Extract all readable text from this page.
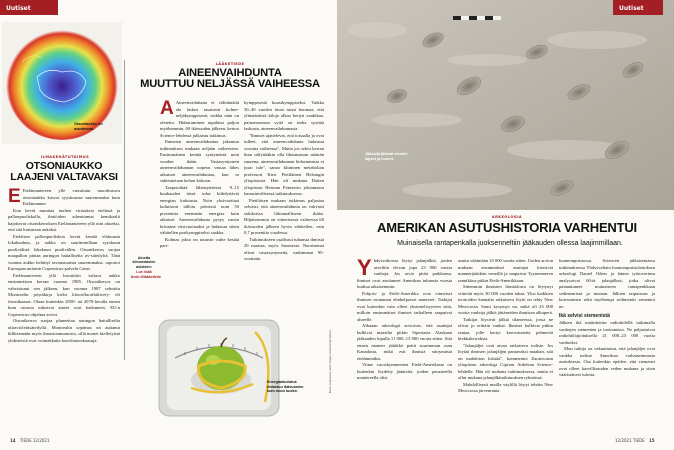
Uutiset
Otsoniaukko on
manterean.
ILMAKEHÄTUTKIMUS
OTSONIAUKKO
LAAJENI VALTAVAKSI

E Etelämantereen ylle vuosittain muodostuva otsoniaukko kasvoi syyskuussa suuremmaksi kuin Etelämanner.

Kun kevät muuttaa tuulten virtauksia etelässä ja pallonpuoliskolla, ilmiöiden aiheuttamat kemikaalit hajottavat otsonikerroksen Etelämantereen yllä niin ohueksi, että sitä kutsutaan aukoksi.

Eteläisen pallonpuoliskon kevät kestää elokuusta lokakuuhun, ja aukko on suurimmillaan syyskuun puolivälistä lokakuun puoliväliin. Otsonikerros suojaa maapallon pintaa auringon haitalliselta uv-säteilyltä. Tänä vuonna aukko kehittyi tavanomaista suuremmaksi, raportoi Euroopan unionin Copernicus-palvelu Cams.

Etelämantereen yllä havaittiin valtava aukko ensimmäisen kerran vuonna 1985. Otsonikerros on vahvistunut sen jälkeen, kun vuonna 1987 solmittu Montrealin pöytäkirja kielsi kloorifluorihiilivety- eli freonikaasut. Olaan kuitenkin 2050- tai 2070-luvulla ennen kuin otsonia tuhoavat aineet ovat kadonneet, EU:n Copernicus-ohjelma arvioi.

Otsonikerros suojaa planeettaa auringon haitalliselta ultraviolettisäteilyltä. Montrealin sopimus on auttanut hillitsemään myös ilmastonmuutosta, sillä monet kielletyistä yhdisteistä ovat voimakkaita kasvihuonekaasuja.

LÄÄKETIEDE
AINEENVAIHDUNTA
MUUTTUU NELJÄSSÄ VAIHEESSA

A Aineenvaihdunta ei välttämättä ala laskea tasaisesti kolme-neljäkymppisenä, vaikka näin on oletettu. Hidastuminen tapahtuu paljon myöhemmin, 60 ikävuoden jälkeen, kertoo Science-lehdessä julkaistu tutkimus.

Ihmisten aineenvaihduntaa jakautuu tutkimuksen mukaan neljään vaiheeseen. Ensimmäinen kestää syntymästä noin vuoden ikään. Vastasyntyneen aineenvaihdunnan nopeus vastaa lähes aikuisen aineenvaihduntaa, kun se suhteutetaan kehon kokoon.

Taaperoikää lähestyttäessä 9–15 kuukauden iässä solut kiihdyttävät energian kulutusta. Noin yksivuotiaat kuluttavat tällöin päivässä noin 50 prosenttia enemmän energiaa kuin aikuiset. Aineenvaihdunta pysyy varsin kiivaana viisivuotiaaksi ja hidastuu sitten vähitellen parikymppiseksi saakka.

Kolmas jakso on tasaisin vaihe kestää pari-

kymppisestä kuusikymppiseksi. Vaikka 30–40 vuoden iässä moni huomaa, että ylimääräisiä kiloja alkaa kertyä vanhikaa, painonnousun syitä on turha syyttää laskusta, aineenvaihdunnasta.

"Ihmiset ajattelevat, että toisaalla ja ovat tulleet, että aineenvaihdunta hidastuu vuosina vaiheessa", Mutta jos sekin kerran ihan säilyttääkin olla lihasmassan määrän suurena, aineenvaihdunnan hidastumista ei juuri tule", sanoo kliininen metabolian professori Kirsi Pietiläinen Helsingin yliopistosta. Hän oli mukana Duken yliopiston Herman Pontzerin johtamassa kansainvälisessä tutkimuksessa.

Pietiläisen mukaan tutkimus paljastaa selvästi, että aineenvaihdunta on vahvasti sidoksissa liikunnalliseen ikään. Hiljaisemmin on viimeisessä vaiheessa 60 ikävuoden jälkeen hyvin vähitellen, vain 0,7 prosenttia vuodessa.

Tutkimukseen osallistui tuhansia ihmisiä 29 maassa, myös Suomesta. Nuorimmat olivat vastasyntyneitä, vanhimmat 95-vuotiaita.

Ainetta kiinnostavien asioiden:
Lue lisää
tiede.fi/lääketiede
Energiankulutus hidastuu ikävuosien kuin moni luulee.	Kuvat: Copernicus, Getty Images, Natural Park Service
14 TIEDE 12/2021
Jälkisitä jättivät etenkin lapset ja nuoret.
Uutiset
ARKEOLOGIA
AMERIKAN ASUTUSHISTORIA VARHENTUI
Muinaisella rantapenkalla juoksenneltiin jääkauden ollessa laajimmillaan.

Yhdysvaltoista löytyi jalanjälkiä, joiden arveltiin olevan jopa 23 000 vuotta vanhoja. Jos arvio pitää paikkansa, ihmiset ovat asuttaneet Amerikan tuhansia vuosia luultua aikaisemmin.

Pohjois- ja Etelä-Amerikka ovat viimeiset ihmisen asuttamat elinkelpoiset manteret. Tutkijat ovat kuitenkin vain olleet yksimielisyyteen siitä, milloin ensimmäiset ihmiset tarkalleen saapuivat alueelle.

Alkuaan arkeologit arvioivat, että asuttajat kulkivat maasilta pitkin Siperiasta Alaskaan jääkauden lopulla 11 000–13 000 vuotta sitten. Sitä ennen manner jäätikkö peitti suurimman osan Kanadasta, mikä esti ihmisiä siirtymästä etelämmäksi.

Viime vuosikymmenien Etelä-Amerikasta on kuitenkin löydetty jäänteitä, joiden perusteella mantereella olisi

asuttu vähintään 16 000 vuotta sitten. Uuden arvion mukaan ensimmäiset asuttajat kiersivät mannerjäätikön veneillä ja saapuivat Tyynenmeren rannikkoa pitkin Etelä-Amerikkaan.

Sittemmin ihmisten läsnäolosta on löytynyt viitteitä myös 30 000 vuoden takaa. Yksi kaikkien teorioiden kannalta ratkaiseva löytö on tehty New Mexicossa. Suuri kysymys on, mikä oli 23 000 vuotta vanhoja jälkiä jättäneiden ihmisten alkuperä.

Tutkijat löysivät jälkiä tilanteessa, jossa ne olivat jo erittäin vanhat. Ihmiset kulkivat pitkin rantaa, jolle kertyi kerrostuneita pehmeitä hiekkakerroksia.

"Jalanjäljet ovat aivan ratkaiseva todiste. Jos löytää ihmisen jalanjäljen pantavaksi maahan, sitä on mahdoton kiistää", kommentoi Zacatecasin yliopiston arkeologi Ciprian Ardelean Science-lehdelle. Hän oli mukana tutkimuksessa, mutta ei ollut mukana jalanjälkitutkimuksen ryhmässä.

Mahdollisesti muilla väylillä löytyi tehtiin New Mexicossa järvenranta

luonnonpuistossa. Sciencen julkaisemassa tutkimuksessa Yhdysvaltain luonnonpuistolaitoksen arkeologi Daniel Odess ja hänen työtoverinsa analysoivat 60:tä jalanjälkeä, jotka olivat painautuneet muinaiseen rantapenkkaan sedimentissä ja mutaan. Jälkien taipuisuus ja kuivuminen sekä myöhempi sedimentti sementoi ne.

Ikä selvisi siemenistä

Jälkien ikä määritettiin radiohiilellä tutkimalla vanhojen siementen ja tuottamista. Ne paljastuivat radiohiiliajoituksella 21 000–23 000 vuotta vanhoiksi.

Mun tutkija on vakuuttunut, että jalanjäljet ovat vankka todiste Amerikan varhaisemmasta asutuksesta. Osa kuitenkin epäilee, että siemenet ovat olleet kasvillisuuden veden mukana ja siten vääristäneet tulosta.

12/2021 TIEDE 15
